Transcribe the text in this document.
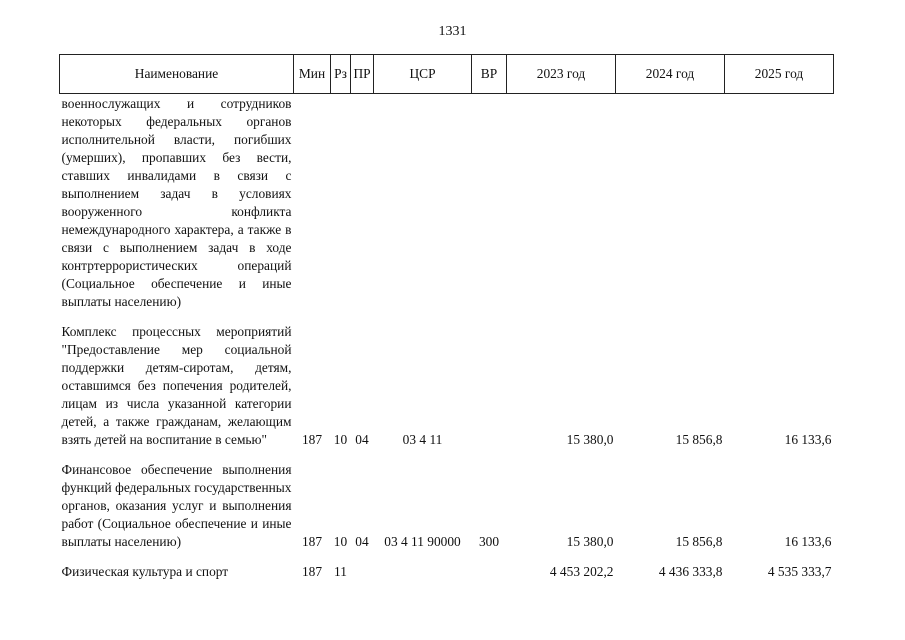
1331
Наименование	Мин	Рз	ПР	ЦСР	ВР	2023 год	2024 год	2025 год
военнослужащих и сотрудников некоторых федеральных органов исполнительной власти, погибших (умерших), пропавших без вести, ставших инвалидами в связи с выполнением задач в условиях вооруженного конфликта немеждународного характера, а также в связи с выполнением задач в ходе контртеррористических операций (Социальное обеспечение и иные выплаты населению)								
Комплекс процессных мероприятий "Предоставление мер социальной поддержки детям-сиротам, детям, оставшимся без попечения родителей, лицам из числа указанной категории детей, а также гражданам, желающим взять детей на воспитание в семью"	187	10	04	03 4 11		15 380,0	15 856,8	16 133,6
Финансовое обеспечение выполнения функций федеральных государственных органов, оказания услуг и выполнения работ (Социальное обеспечение и иные выплаты населению)	187	10	04	03 4 11 90000	300	15 380,0	15 856,8	16 133,6
Физическая культура и спорт	187	11				4 453 202,2	4 436 333,8	4 535 333,7
